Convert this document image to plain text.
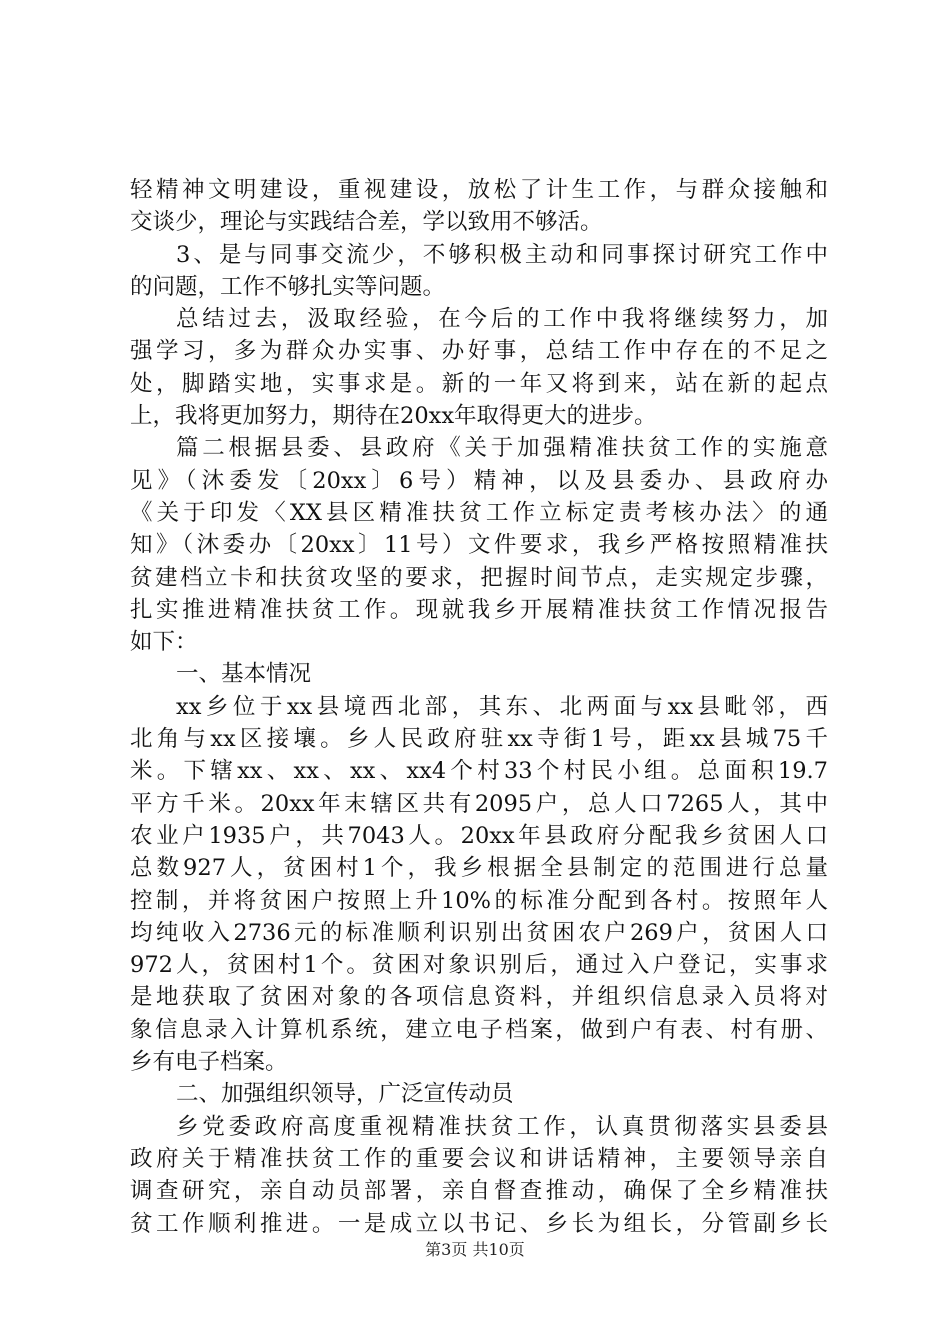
轻精神文明建设，重视建设，放松了计生工作，与群众接触和
交谈少，理论与实践结合差，学以致用不够活。
3、是与同事交流少，不够积极主动和同事探讨研究工作中
的问题，工作不够扎实等问题。
总结过去，汲取经验，在今后的工作中我将继续努力，加
强学习，多为群众办实事、办好事，总结工作中存在的不足之
处，脚踏实地，实事求是。新的一年又将到来，站在新的起点
上，我将更加努力，期待在20xx年取得更大的进步。
篇二根据县委、县政府《关于加强精准扶贫工作的实施意
见》（沐委发〔20xx〕6号）精神，以及县委办、县政府办
《关于印发〈XX县区精准扶贫工作立标定责考核办法〉的通
知》（沐委办〔20xx〕11号）文件要求，我乡严格按照精准扶
贫建档立卡和扶贫攻坚的要求，把握时间节点，走实规定步骤，
扎实推进精准扶贫工作。现就我乡开展精准扶贫工作情况报告
如下：
一、基本情况
xx乡位于xx县境西北部，其东、北两面与xx县毗邻，西
北角与xx区接壤。乡人民政府驻xx寺街1号，距xx县城75千
米。下辖xx、xx、xx、xx4个村33个村民小组。总面积19.7
平方千米。20xx年末辖区共有2095户，总人口7265人，其中
农业户1935户，共7043人。20xx年县政府分配我乡贫困人口
总数927人，贫困村1个，我乡根据全县制定的范围进行总量
控制，并将贫困户按照上升10%的标准分配到各村。按照年人
均纯收入2736元的标准顺利识别出贫困农户269户，贫困人口
972人，贫困村1个。贫困对象识别后，通过入户登记，实事求
是地获取了贫困对象的各项信息资料，并组织信息录入员将对
象信息录入计算机系统，建立电子档案，做到户有表、村有册、
乡有电子档案。
二、加强组织领导，广泛宣传动员
乡党委政府高度重视精准扶贫工作，认真贯彻落实县委县
政府关于精准扶贫工作的重要会议和讲话精神，主要领导亲自
调查研究，亲自动员部署，亲自督查推动，确保了全乡精准扶
贫工作顺利推进。一是成立以书记、乡长为组长，分管副乡长
第3页 共10页
